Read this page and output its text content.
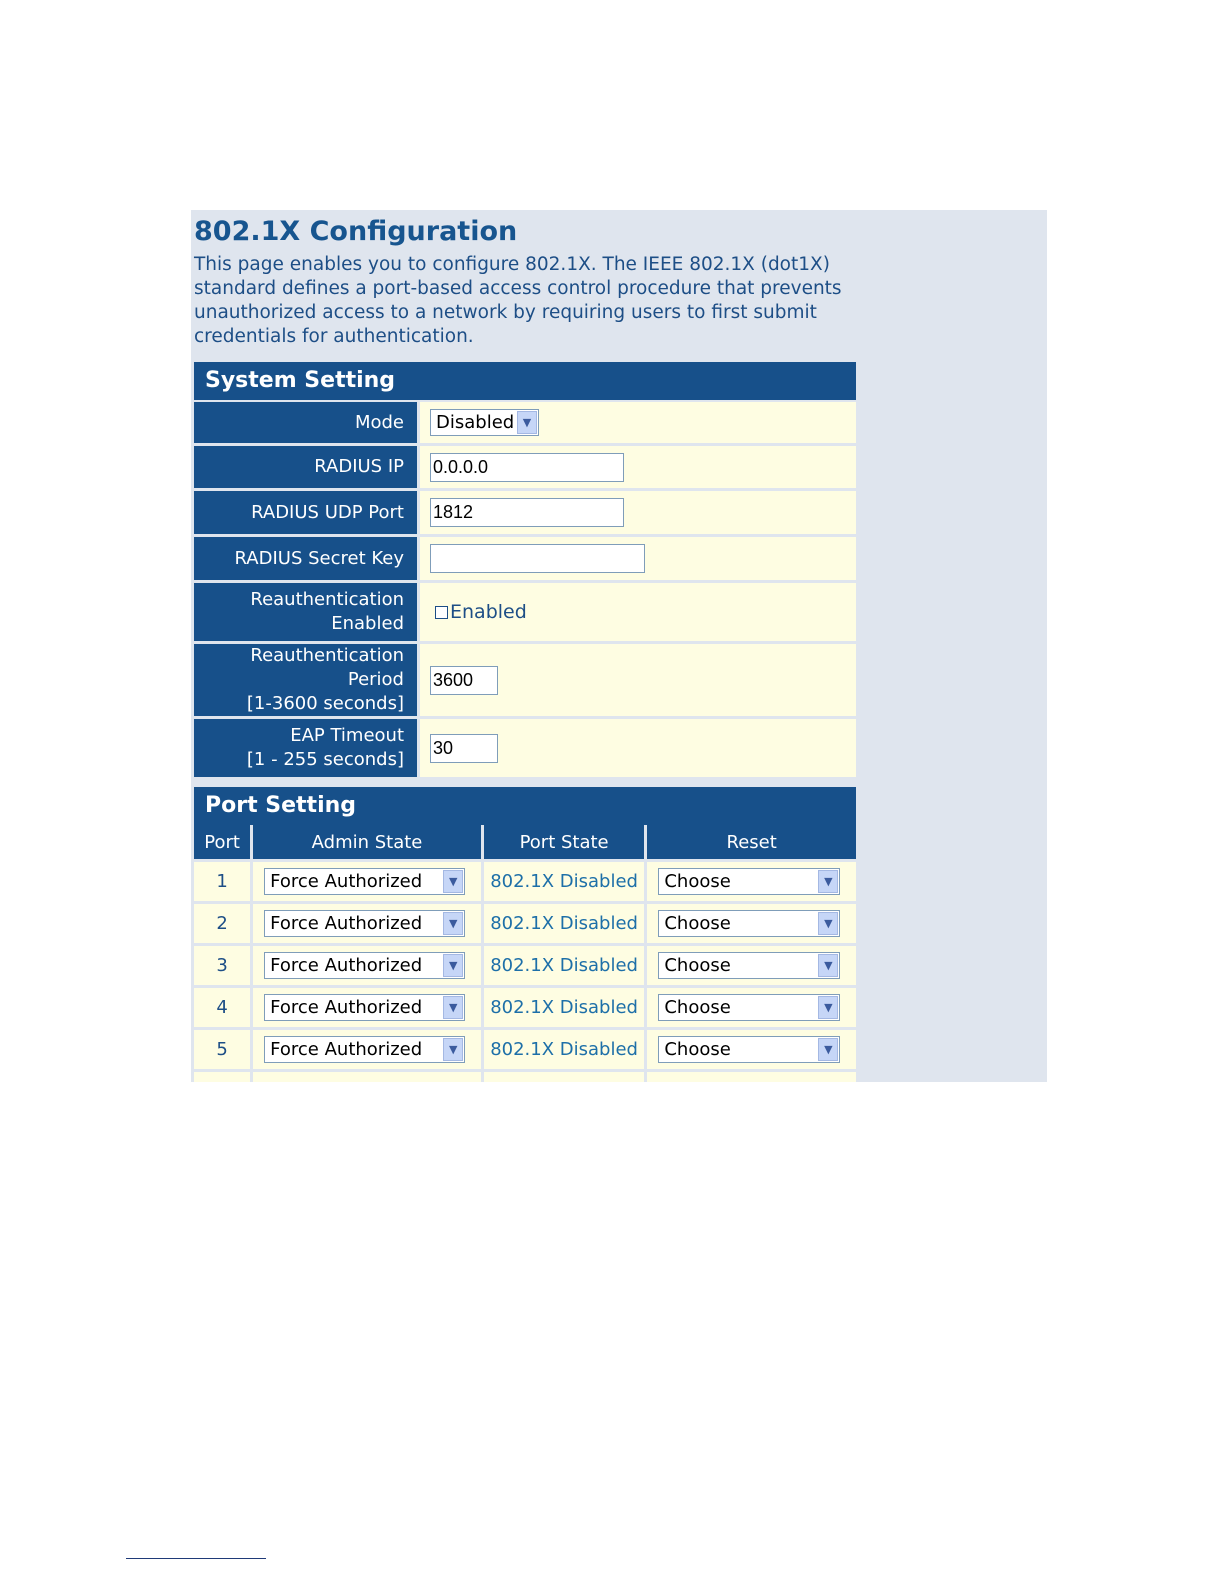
802.1X Configuration

This page enables you to configure 802.1X. The IEEE 802.1X (dot1X) standard defines a port-based access control procedure that prevents unauthorized access to a network by requiring users to first submit credentials for authentication.

System Setting
Mode	Disabled ▼

RADIUS IP	0.0.0.0
RADIUS UDP Port	1812
RADIUS Secret Key	

Reauthentication
Enabled	Enabled

Reauthentication Period
[1-3600 seconds]	3600

EAP Timeout
[1 - 255 seconds]	30
Port Setting
Port	Admin State	Port State	Reset
1	Force Authorized ▼	802.1X Disabled	Choose ▼

2	Force Authorized ▼	802.1X Disabled	Choose ▼

3	Force Authorized ▼	802.1X Disabled	Choose ▼

4	Force Authorized ▼	802.1X Disabled	Choose ▼

5	Force Authorized ▼	802.1X Disabled	Choose ▼
